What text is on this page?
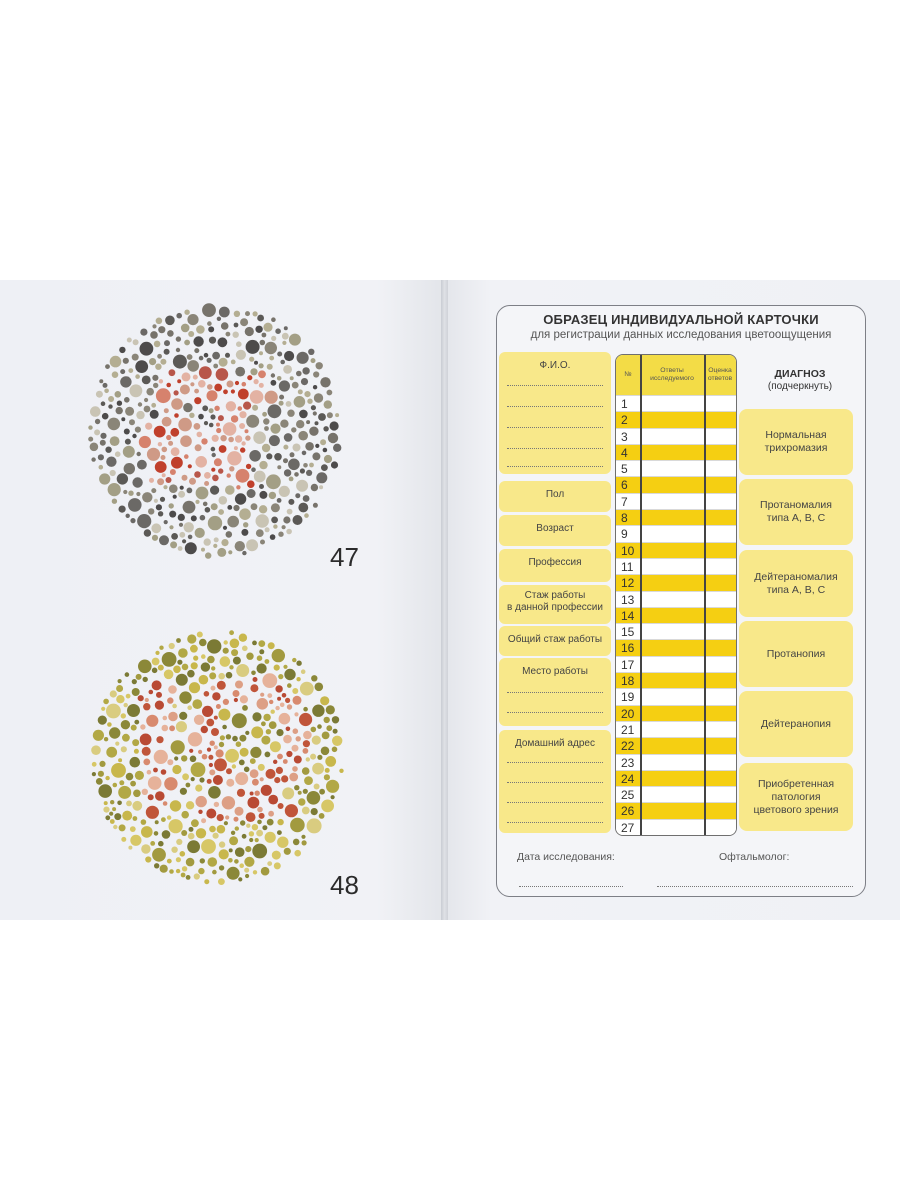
47
48
ОБРАЗЕЦ ИНДИВИДУАЛЬНОЙ КАРТОЧКИ
для регистрации данных исследования цветоощущения
Ф.И.О.
Пол
Возраст
Профессия
Стаж работы
в данной профессии
Общий стаж работы
Место работы
Домашний адрес
№
Ответы исследуемого
Оценка ответов
1
2
3
4
5
6
7
8
9
10
11
12
13
14
15
16
17
18
19
20
21
22
23
24
25
26
27
ДИАГНОЗ
(подчеркнуть)
Дата исследования:	Офтальмолог:
Нормальная
трихромазия
Протаномалия
типа А, В, С
Дейтераномалия
типа А, В, С
Протанопия
Дейтеранопия
Приобретенная
патология
цветового зрения
